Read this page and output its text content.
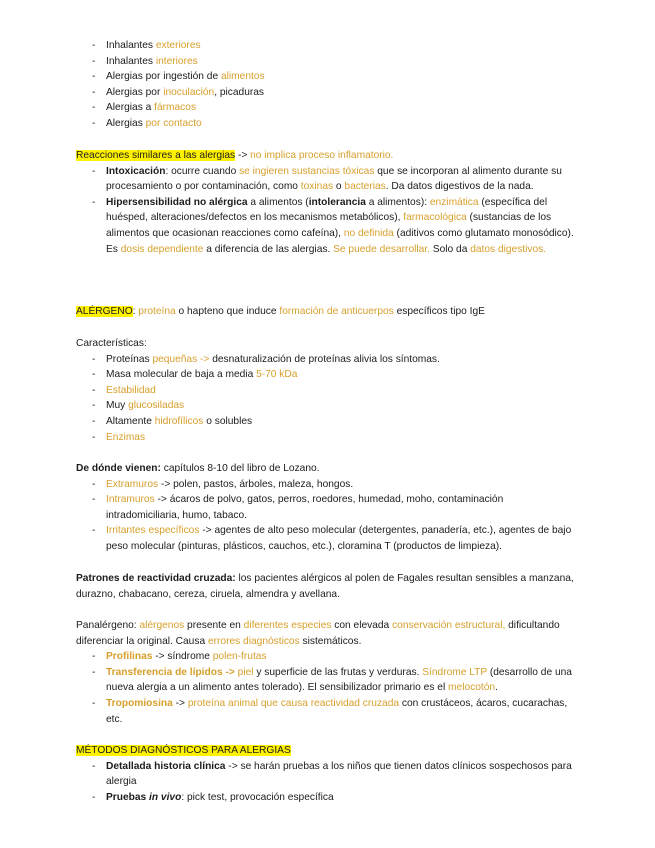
- Inhalantes exteriores
- Inhalantes interiores
- Alergias por ingestión de alimentos
- Alergias por inoculación, picaduras
- Alergias a fármacos
- Alergias por contacto

Reacciones similares a las alergias -> no implica proceso inflamatorio.

- Intoxicación: ocurre cuando se ingieren sustancias tóxicas que se incorporan al alimento durante su procesamiento o por contaminación, como toxinas o bacterias. Da datos digestivos de la nada.
- Hipersensibilidad no alérgica a alimentos (intolerancia a alimentos): enzimática (específica del huésped, alteraciones/defectos en los mecanismos metabólicos), farmacológica (sustancias de los alimentos que ocasionan reacciones como cafeína), no definida (aditivos como glutamato monosódico). Es dosis dependiente a diferencia de las alergias. Se puede desarrollar. Solo da datos digestivos.

ALÉRGENO: proteína o hapteno que induce formación de anticuerpos específicos tipo IgE

Características:

- Proteínas pequeñas -> desnaturalización de proteínas alivia los síntomas.
- Masa molecular de baja a media 5-70 kDa
- Estabilidad
- Muy glucosiladas
- Altamente hidrofílicos o solubles
- Enzimas

De dónde vienen: capítulos 8-10 del libro de Lozano.

- Extramuros -> polen, pastos, árboles, maleza, hongos.
- Intramuros -> ácaros de polvo, gatos, perros, roedores, humedad, moho, contaminación intradomiciliaria, humo, tabaco.
- Irritantes específicos -> agentes de alto peso molecular (detergentes, panadería, etc.), agentes de bajo peso molecular (pinturas, plásticos, cauchos, etc.), cloramina T (productos de limpieza).

Patrones de reactividad cruzada: los pacientes alérgicos al polen de Fagales resultan sensibles a manzana, durazno, chabacano, cereza, ciruela, almendra y avellana.

Panalérgeno: alérgenos presente en diferentes especies con elevada conservación estructural, dificultando diferenciar la original. Causa errores diagnósticos sistemáticos.

- Profilinas -> síndrome polen-frutas
- Transferencia de lípidos -> piel y superficie de las frutas y verduras. Síndrome LTP (desarrollo de una nueva alergia a un alimento antes tolerado). El sensibilizador primario es el melocotón.
- Tropomiosina -> proteína animal que causa reactividad cruzada con crustáceos, ácaros, cucarachas, etc.

MÉTODOS DIAGNÓSTICOS PARA ALERGIAS

- Detallada historia clínica -> se harán pruebas a los niños que tienen datos clínicos sospechosos para alergia
- Pruebas in vivo: pick test, provocación específica
